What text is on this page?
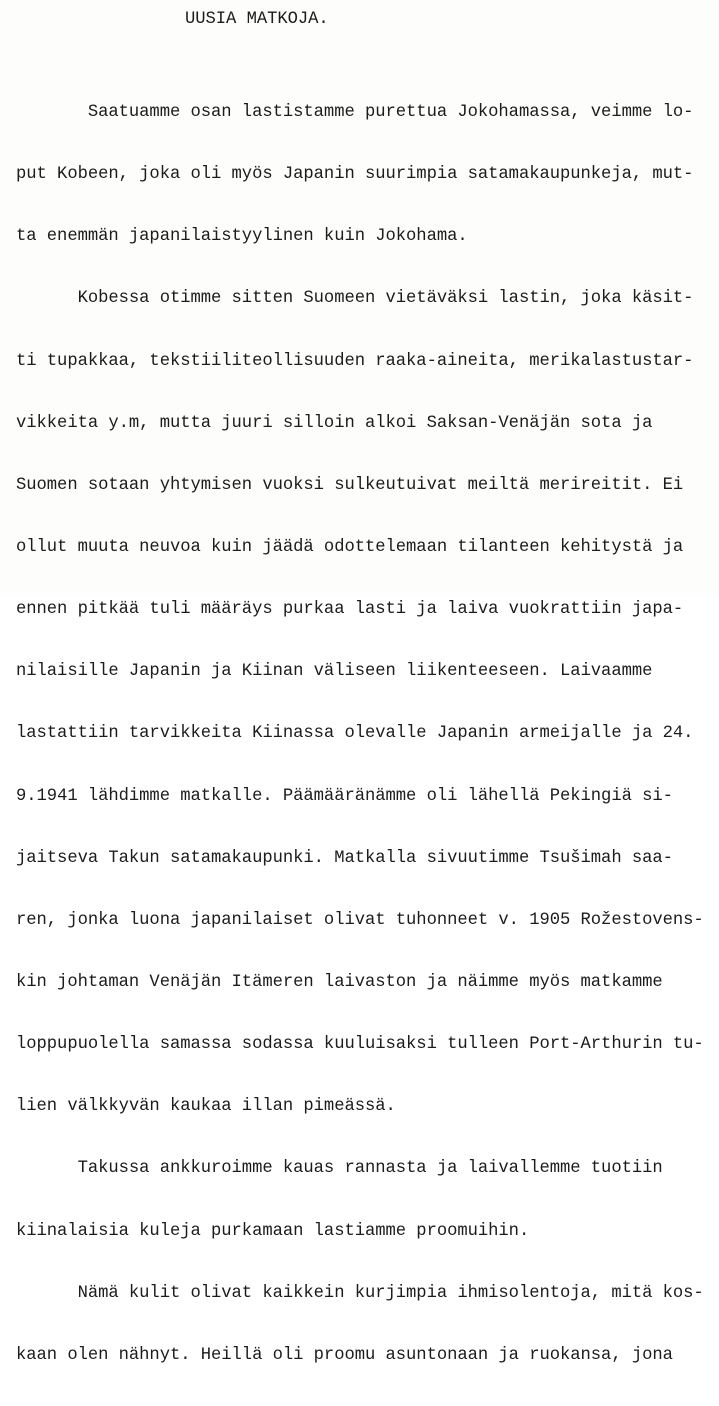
UUSIA MATKOJA.

Saatuamme osan lastistamme purettua Jokohamassa, veimme lo-

put Kobeen, joka oli myös Japanin suurimpia satamakaupunkeja, mut-

ta enemmän japanilaistyylinen kuin Jokohama.

Kobessa otimme sitten Suomeen vietäväksi lastin, joka käsit-

ti tupakkaa, tekstiiliteollisuuden raaka-aineita, merikalastustar-

vikkeita y.m, mutta juuri silloin alkoi Saksan-Venäjän sota ja

Suomen sotaan yhtymisen vuoksi sulkeutuivat meiltä merireitit. Ei

ollut muuta neuvoa kuin jäädä odottelemaan tilanteen kehitystä ja

ennen pitkää tuli määräys purkaa lasti ja laiva vuokrattiin japa-

nilaisille Japanin ja Kiinan väliseen liikenteeseen. Laivaamme

lastattiin tarvikkeita Kiinassa olevalle Japanin armeijalle ja 24.

9.1941 lähdimme matkalle. Päämääränämme oli lähellä Pekingiä si-

jaitseva Takun satamakaupunki. Matkalla sivuutimme Tsušimah saa-

ren, jonka luona japanilaiset olivat tuhonneet v. 1905 Rožestovens-

kin johtaman Venäjän Itämeren laivaston ja näimme myös matkamme

loppupuolella samassa sodassa kuuluisaksi tulleen Port-Arthurin tu-

lien välkkyvän kaukaa illan pimeässä.

Takussa ankkuroimme kauas rannasta ja laivallemme tuotiin

kiinalaisia kuleja purkamaan lastiamme proomuihin.

Nämä kulit olivat kaikkein kurjimpia ihmisolentoja, mitä kos-

kaan olen nähnyt. Heillä oli proomu asuntonaan ja ruokansa, jona
